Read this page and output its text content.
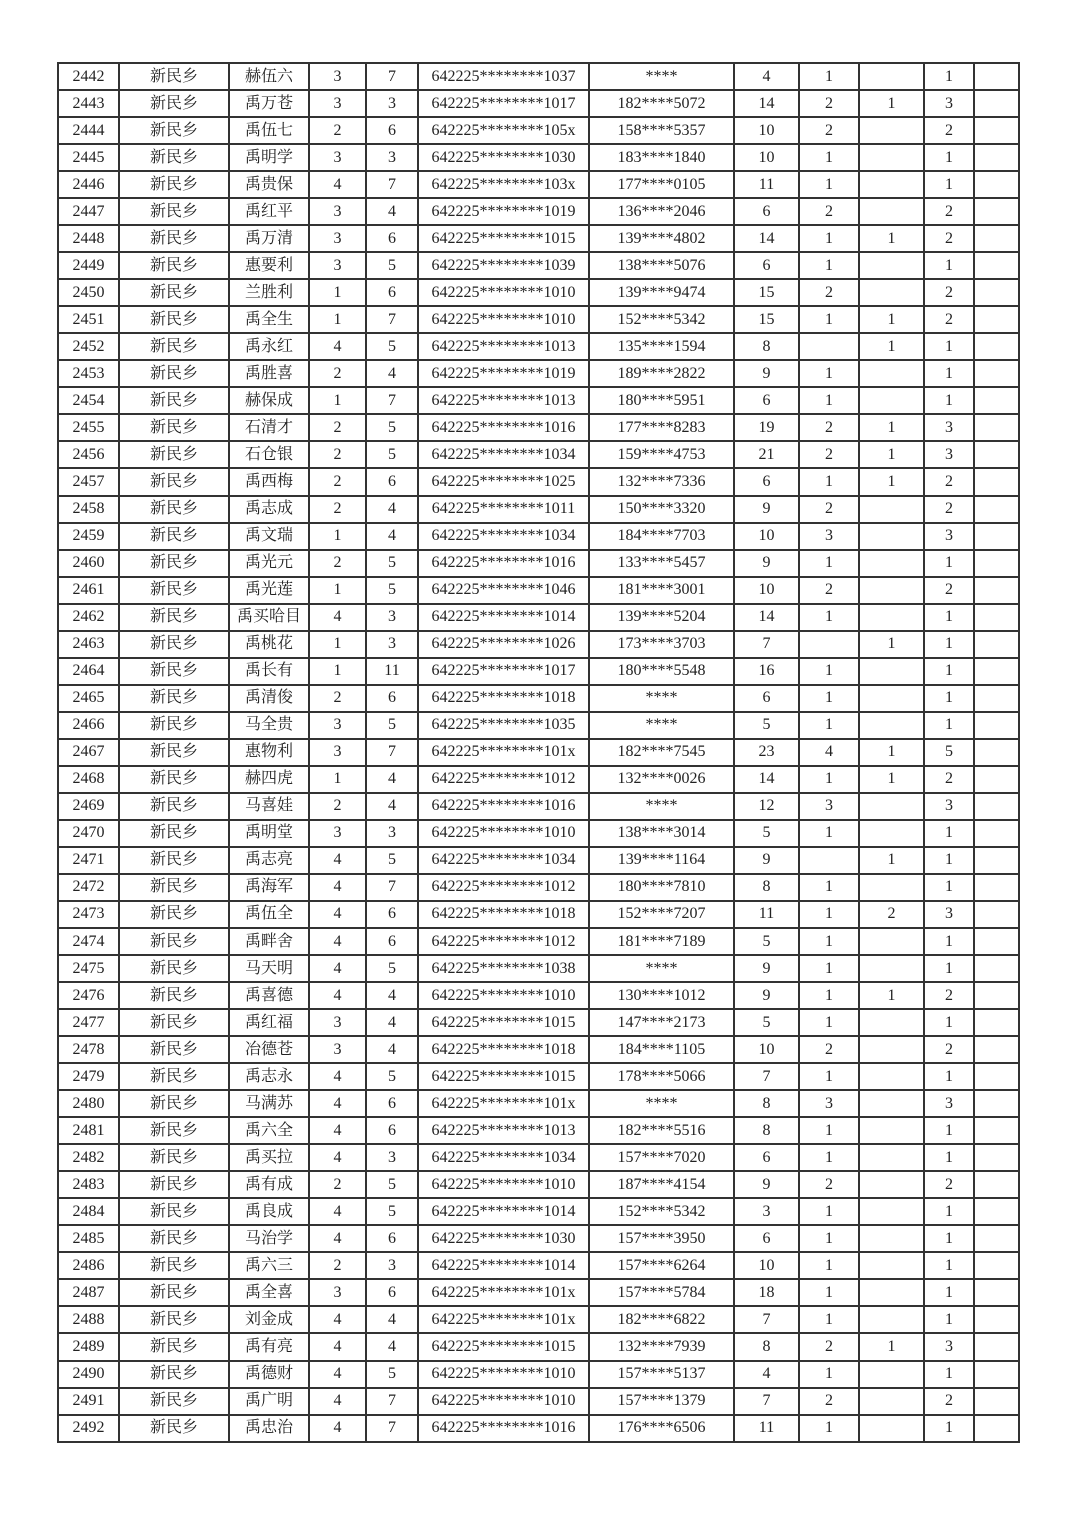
2442	新民乡	赫伍六	3	7	642225********1037	****	4	1		1	
2443	新民乡	禹万苍	3	3	642225********1017	182****5072	14	2	1	3	
2444	新民乡	禹伍七	2	6	642225********105x	158****5357	10	2		2	
2445	新民乡	禹明学	3	3	642225********1030	183****1840	10	1		1	
2446	新民乡	禹贵保	4	7	642225********103x	177****0105	11	1		1	
2447	新民乡	禹红平	3	4	642225********1019	136****2046	6	2		2	
2448	新民乡	禹万清	3	6	642225********1015	139****4802	14	1	1	2	
2449	新民乡	惠要利	3	5	642225********1039	138****5076	6	1		1	
2450	新民乡	兰胜利	1	6	642225********1010	139****9474	15	2		2	
2451	新民乡	禹全生	1	7	642225********1010	152****5342	15	1	1	2	
2452	新民乡	禹永红	4	5	642225********1013	135****1594	8		1	1	
2453	新民乡	禹胜喜	2	4	642225********1019	189****2822	9	1		1	
2454	新民乡	赫保成	1	7	642225********1013	180****5951	6	1		1	
2455	新民乡	石清才	2	5	642225********1016	177****8283	19	2	1	3	
2456	新民乡	石仓银	2	5	642225********1034	159****4753	21	2	1	3	
2457	新民乡	禹西梅	2	6	642225********1025	132****7336	6	1	1	2	
2458	新民乡	禹志成	2	4	642225********1011	150****3320	9	2		2	
2459	新民乡	禹文瑞	1	4	642225********1034	184****7703	10	3		3	
2460	新民乡	禹光元	2	5	642225********1016	133****5457	9	1		1	
2461	新民乡	禹光莲	1	5	642225********1046	181****3001	10	2		2	
2462	新民乡	禹买哈目	4	3	642225********1014	139****5204	14	1		1	
2463	新民乡	禹桃花	1	3	642225********1026	173****3703	7		1	1	
2464	新民乡	禹长有	1	11	642225********1017	180****5548	16	1		1	
2465	新民乡	禹清俊	2	6	642225********1018	****	6	1		1	
2466	新民乡	马全贵	3	5	642225********1035	****	5	1		1	
2467	新民乡	惠物利	3	7	642225********101x	182****7545	23	4	1	5	
2468	新民乡	赫四虎	1	4	642225********1012	132****0026	14	1	1	2	
2469	新民乡	马喜娃	2	4	642225********1016	****	12	3		3	
2470	新民乡	禹明堂	3	3	642225********1010	138****3014	5	1		1	
2471	新民乡	禹志亮	4	5	642225********1034	139****1164	9		1	1	
2472	新民乡	禹海军	4	7	642225********1012	180****7810	8	1		1	
2473	新民乡	禹伍全	4	6	642225********1018	152****7207	11	1	2	3	
2474	新民乡	禹畔舍	4	6	642225********1012	181****7189	5	1		1	
2475	新民乡	马天明	4	5	642225********1038	****	9	1		1	
2476	新民乡	禹喜德	4	4	642225********1010	130****1012	9	1	1	2	
2477	新民乡	禹红福	3	4	642225********1015	147****2173	5	1		1	
2478	新民乡	冶德苍	3	4	642225********1018	184****1105	10	2		2	
2479	新民乡	禹志永	4	5	642225********1015	178****5066	7	1		1	
2480	新民乡	马满苏	4	6	642225********101x	****	8	3		3	
2481	新民乡	禹六全	4	6	642225********1013	182****5516	8	1		1	
2482	新民乡	禹买拉	4	3	642225********1034	157****7020	6	1		1	
2483	新民乡	禹有成	2	5	642225********1010	187****4154	9	2		2	
2484	新民乡	禹良成	4	5	642225********1014	152****5342	3	1		1	
2485	新民乡	马治学	4	6	642225********1030	157****3950	6	1		1	
2486	新民乡	禹六三	2	3	642225********1014	157****6264	10	1		1	
2487	新民乡	禹全喜	3	6	642225********101x	157****5784	18	1		1	
2488	新民乡	刘金成	4	4	642225********101x	182****6822	7	1		1	
2489	新民乡	禹有亮	4	4	642225********1015	132****7939	8	2	1	3	
2490	新民乡	禹德财	4	5	642225********1010	157****5137	4	1		1	
2491	新民乡	禹广明	4	7	642225********1010	157****1379	7	2		2	
2492	新民乡	禹忠治	4	7	642225********1016	176****6506	11	1		1	
